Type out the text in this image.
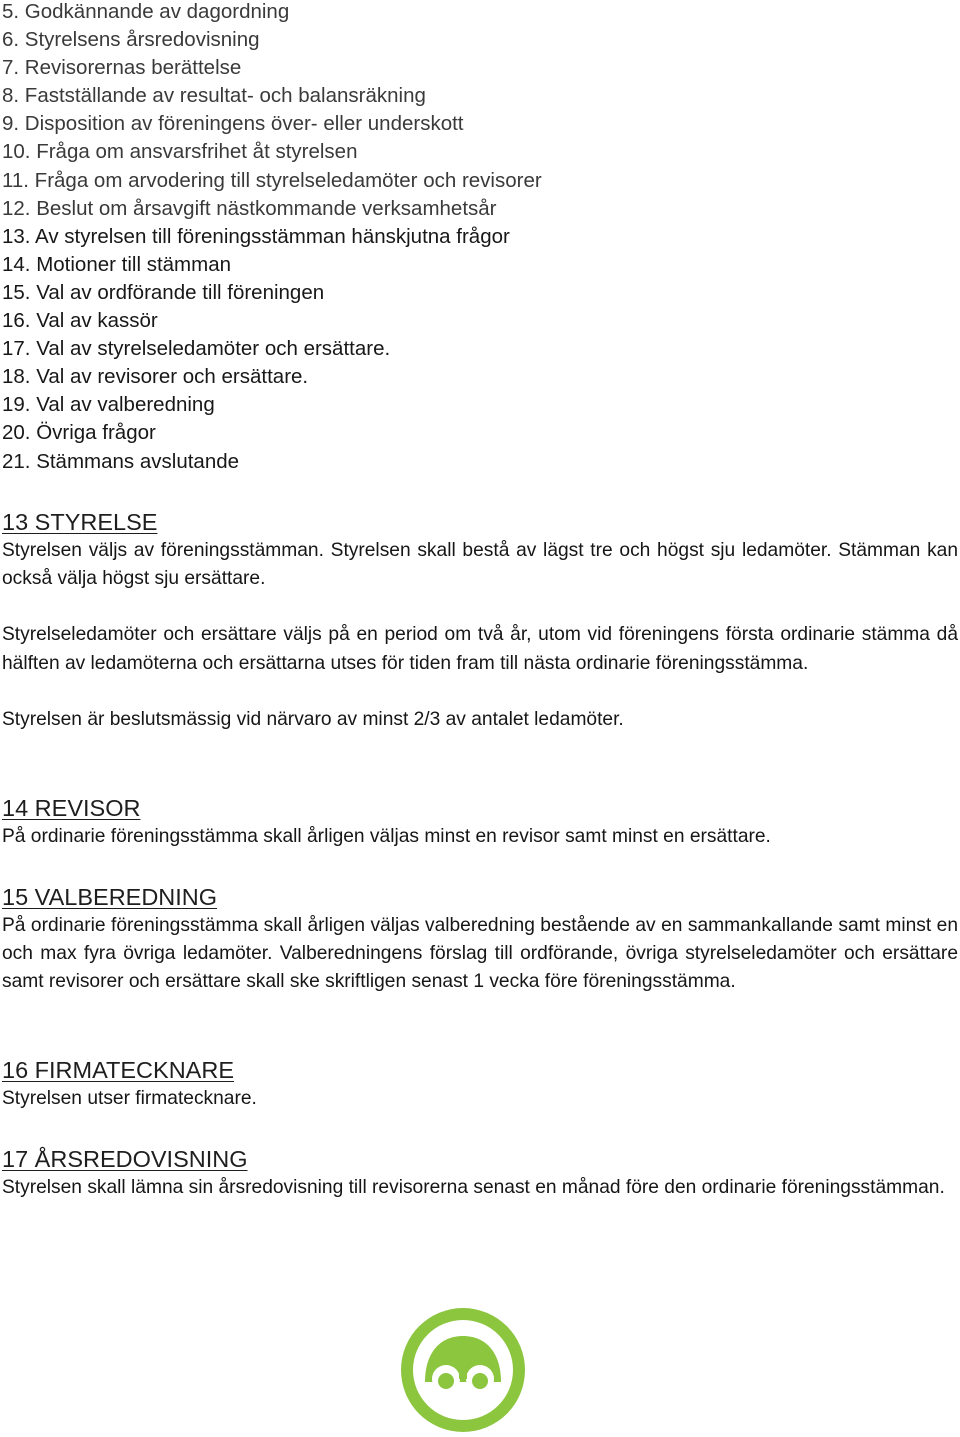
5. Godkännande av dagordning
6. Styrelsens årsredovisning
7. Revisorernas berättelse
8. Fastställande av resultat- och balansräkning
9. Disposition av föreningens över- eller underskott
10. Fråga om ansvarsfrihet åt styrelsen
11. Fråga om arvodering till styrelseledamöter och revisorer
12. Beslut om årsavgift nästkommande verksamhetsår
13. Av styrelsen till föreningsstämman hänskjutna frågor
14. Motioner till stämman
15. Val av ordförande till föreningen
16. Val av kassör
17. Val av styrelseledamöter och ersättare.
18. Val av revisorer och ersättare.
19. Val av valberedning
20. Övriga frågor
21. Stämmans avslutande
13 STYRELSE

Styrelsen väljs av föreningsstämman. Styrelsen skall bestå av lägst tre och högst sju ledamöter. Stämman kan också välja högst sju ersättare.

Styrelseledamöter och ersättare väljs på en period om två år, utom vid föreningens första ordinarie stämma då hälften av ledamöterna och ersättarna utses för tiden fram till nästa ordinarie föreningsstämma.

Styrelsen är beslutsmässig vid närvaro av minst 2/3 av antalet ledamöter.

14 REVISOR

På ordinarie föreningsstämma skall årligen väljas minst en revisor samt minst en ersättare.

15 VALBEREDNING

På ordinarie föreningsstämma skall årligen väljas valberedning bestående av en sammankallande samt minst en och max fyra övriga ledamöter. Valberedningens förslag till ordförande, övriga styrelseledamöter och ersättare samt revisorer och ersättare skall ske skriftligen senast 1 vecka före föreningsstämma.

16 FIRMATECKNARE

Styrelsen utser firmatecknare.

17 ÅRSREDOVISNING

Styrelsen skall lämna sin årsredovisning till revisorerna senast en månad före den ordinarie föreningsstämman.
